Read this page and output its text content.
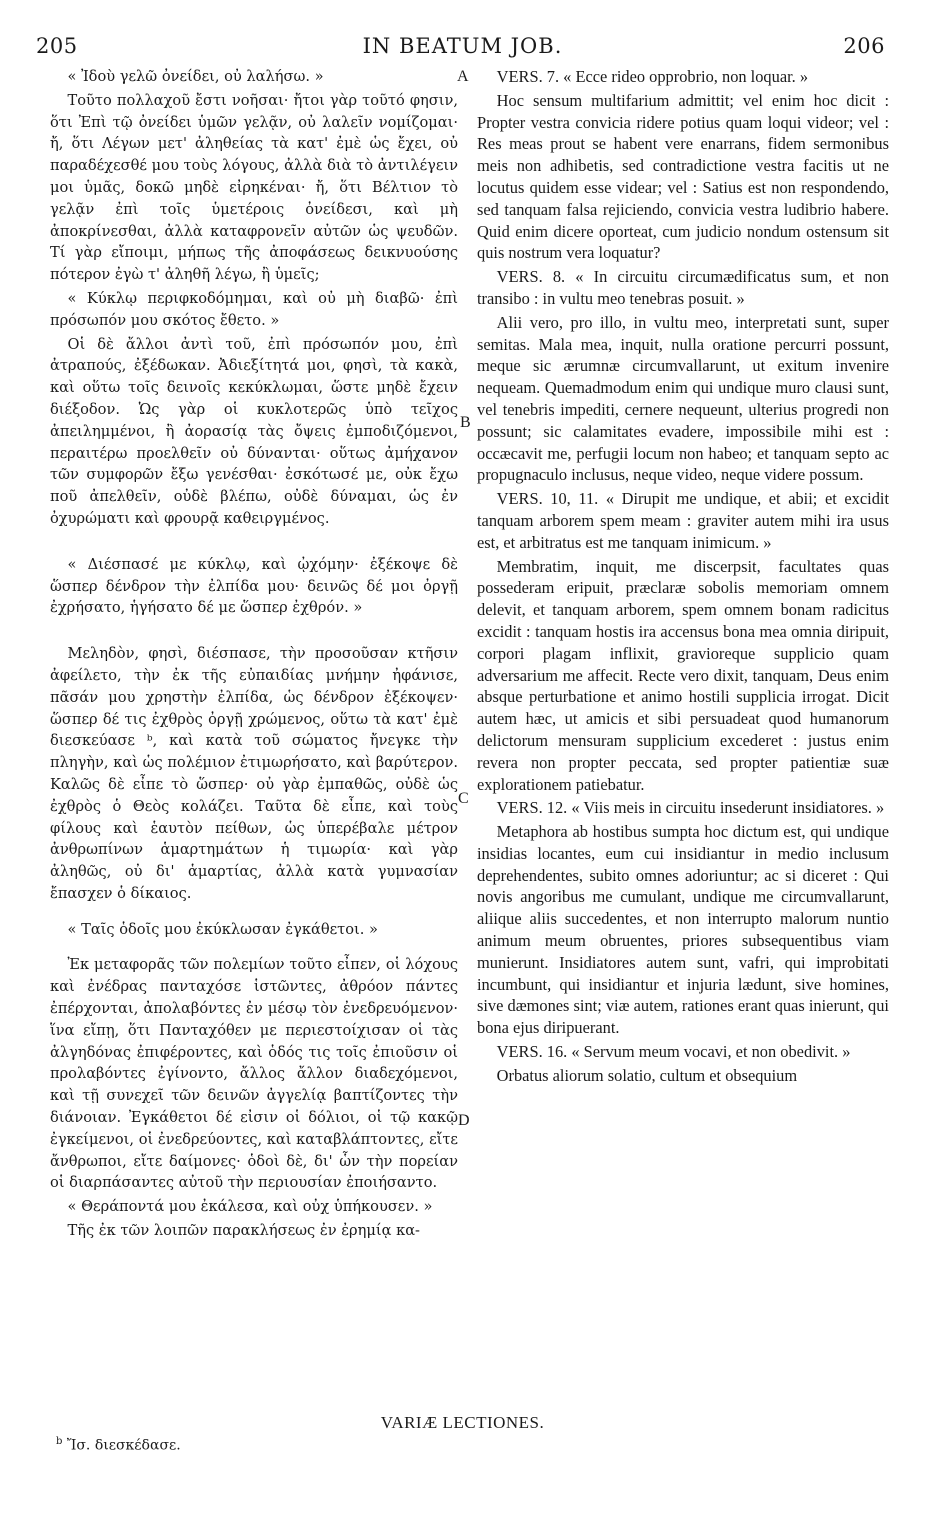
205	IN BEATUM JOB.	206
A
B
C
D

« Ἰδοὺ γελῶ ὀνείδει, οὐ λαλήσω. »

Τοῦτο πολλαχοῦ ἔστι νοῆσαι· ἤτοι γὰρ τοῦτό φησιν, ὅτι Ἐπὶ τῷ ὀνείδει ὑμῶν γελᾷν, οὐ λαλεῖν νομίζομαι· ἤ, ὅτι Λέγων μετ' ἀληθείας τὰ κατ' ἐμὲ ὡς ἔχει, οὐ παραδέχεσθέ μου τοὺς λόγους, ἀλλὰ διὰ τὸ ἀντιλέγειν μοι ὑμᾶς, δοκῶ μηδὲ εἰρηκέναι· ἤ, ὅτι Βέλτιον τὸ γελᾷν ἐπὶ τοῖς ὑμετέροις ὀνείδεσι, καὶ μὴ ἀποκρίνεσθαι, ἀλλὰ καταφρονεῖν αὐτῶν ὡς ψευδῶν. Τί γὰρ εἴποιμι, μήπως τῆς ἀποφάσεως δεικνυούσης πότερον ἐγὼ τ' ἀληθῆ λέγω, ἢ ὑμεῖς;

« Κύκλῳ περιφκοδόμημαι, καὶ οὐ μὴ διαβῶ· ἐπὶ πρόσωπόν μου σκότος ἔθετο. »

Οἱ δὲ ἄλλοι ἀντὶ τοῦ, ἐπὶ πρόσωπόν μου, ἐπὶ ἀτραπούς, ἐξέδωκαν. Ἀδιεξίτητά μοι, φησὶ, τὰ κακὰ, καὶ οὕτω τοῖς δεινοῖς κεκύκλωμαι, ὥστε μηδὲ ἔχειν διέξοδον. Ὡς γὰρ οἱ κυκλοτερῶς ὑπὸ τεῖχος ἀπειλημμένοι, ἢ ἀορασίᾳ τὰς ὄψεις ἐμποδιζόμενοι, περαιτέρω προελθεῖν οὐ δύνανται· οὕτως ἀμήχανον τῶν συμφορῶν ἔξω γενέσθαι· ἐσκότωσέ με, οὐκ ἔχω ποῦ ἀπελθεῖν, οὐδὲ βλέπω, οὐδὲ δύναμαι, ὡς ἐν ὀχυρώματι καὶ φρουρᾷ καθειργμένος.

« Διέσπασέ με κύκλῳ, καὶ ᾠχόμην· ἐξέκοψε δὲ ὥσπερ δένδρον τὴν ἐλπίδα μου· δεινῶς δέ μοι ὀργῇ ἐχρήσατο, ἡγήσατο δέ με ὥσπερ ἐχθρόν. »

Μεληδὸν, φησὶ, διέσπασε, τὴν προσοῦσαν κτῆσιν ἀφείλετο, τὴν ἐκ τῆς εὐπαιδίας μνήμην ἠφάνισε, πᾶσάν μου χρηστὴν ἐλπίδα, ὡς δένδρον ἐξέκοψεν· ὥσπερ δέ τις ἐχθρὸς ὀργῇ χρώμενος, οὕτω τὰ κατ' ἐμὲ διεσκεύασε ᵇ, καὶ κατὰ τοῦ σώματος ἤνεγκε τὴν πληγὴν, καὶ ὡς πολέμιον ἐτιμωρήσατο, καὶ βαρύτερον. Καλῶς δὲ εἶπε τὸ ὥσπερ· οὐ γὰρ ἐμπαθῶς, οὐδὲ ὡς ἐχθρὸς ὁ Θεὸς κολάζει. Ταῦτα δὲ εἶπε, καὶ τοὺς φίλους καὶ ἑαυτὸν πείθων, ὡς ὑπερέβαλε μέτρον ἀνθρωπίνων ἁμαρτημάτων ἡ τιμωρία· καὶ γὰρ ἀληθῶς, οὐ δι' ἁμαρτίας, ἀλλὰ κατὰ γυμνασίαν ἔπασχεν ὁ δίκαιος.

« Ταῖς ὁδοῖς μου ἐκύκλωσαν ἐγκάθετοι. »

Ἐκ μεταφορᾶς τῶν πολεμίων τοῦτο εἶπεν, οἱ λόχους καὶ ἐνέδρας πανταχόσε ἱστῶντες, ἀθρόον πάντες ἐπέρχονται, ἀπολαβόντες ἐν μέσῳ τὸν ἐνεδρευόμενον· ἵνα εἴπῃ, ὅτι Πανταχόθεν με περιεστοίχισαν οἱ τὰς ἀλγηδόνας ἐπιφέροντες, καὶ ὁδός τις τοῖς ἐπιοῦσιν οἱ προλαβόντες ἐγίνοντο, ἄλλος ἄλλον διαδεχόμενοι, καὶ τῇ συνεχεῖ τῶν δεινῶν ἀγγελίᾳ βαπτίζοντες τὴν διάνοιαν. Ἐγκάθετοι δέ εἰσιν οἱ δόλιοι, οἱ τῷ κακῷ ἐγκείμενοι, οἱ ἐνεδρεύοντες, καὶ καταβλάπτοντες, εἴτε ἄνθρωποι, εἴτε δαίμονες· ὁδοὶ δὲ, δι' ὧν τὴν πορείαν οἱ διαρπάσαντες αὐτοῦ τὴν περιουσίαν ἐποιήσαντο.

« Θεράποντά μου ἐκάλεσα, καὶ οὐχ ὑπήκουσεν. »

Τῆς ἐκ τῶν λοιπῶν παρακλήσεως ἐν ἐρημίᾳ κα-

VERS. 7. « Ecce rideo opprobrio, non loquar. »

Hoc sensum multifarium admittit; vel enim hoc dicit : Propter vestra convicia ridere potius quam loqui videor; vel : Res meas prout se habent vere enarrans, fidem sermonibus meis non adhibetis, sed contradictione vestra facitis ut ne locutus quidem esse videar; vel : Satius est non respondendo, sed tanquam falsa rejiciendo, convicia vestra ludibrio habere. Quid enim dicere oporteat, cum judicio nondum ostensum sit quis nostrum vera loquatur?

VERS. 8. « In circuitu circumædificatus sum, et non transibo : in vultu meo tenebras posuit. »

Alii vero, pro illo, in vultu meo, interpretati sunt, super semitas. Mala mea, inquit, nulla oratione percurri possunt, meque sic ærumnæ circumvallarunt, ut exitum invenire nequeam. Quemadmodum enim qui undique muro clausi sunt, vel tenebris impediti, cernere nequeunt, ulterius progredi non possunt; sic calamitates evadere, impossibile mihi est : occæcavit me, perfugii locum non habeo; et tanquam septo ac propugnaculo inclusus, neque video, neque videre possum.

VERS. 10, 11. « Dirupit me undique, et abii; et excidit tanquam arborem spem meam : graviter autem mihi ira usus est, et arbitratus est me tanquam inimicum. »

Membratim, inquit, me discerpsit, facultates quas possederam eripuit, præclaræ sobolis memoriam omnem delevit, et tanquam arborem, spem omnem bonam radicitus excidit : tanquam hostis ira accensus bona mea omnia diripuit, corpori plagam inflixit, gravioreque supplicio quam adversarium me affecit. Recte vero dixit, tanquam, Deus enim absque perturbatione et animo hostili supplicia irrogat. Dicit autem hæc, ut amicis et sibi persuadeat quod humanorum delictorum mensuram supplicium excederet : justus enim revera non propter peccata, sed propter patientiæ suæ explorationem patiebatur.

VERS. 12. « Viis meis in circuitu insederunt insidiatores. »

Metaphora ab hostibus sumpta hoc dictum est, qui undique insidias locantes, eum cui insidiantur in medio inclusum deprehendentes, subito omnes adoriuntur; ac si diceret : Qui novis angoribus me cumulant, undique me circumvallarunt, aliique aliis succedentes, et non interrupto malorum nuntio animum meum obruentes, priores subsequentibus viam munierunt. Insidiatores autem sunt, vafri, qui improbitati incumbunt, qui insidiantur et injuria lædunt, sive homines, sive dæmones sint; viæ autem, rationes erant quas inierunt, qui bona ejus diripuerant.

VERS. 16. « Servum meum vocavi, et non obedivit. »

Orbatus aliorum solatio, cultum et obsequium

VARIÆ LECTIONES.
$^b$ Ἴσ. διεσκέδασε.
